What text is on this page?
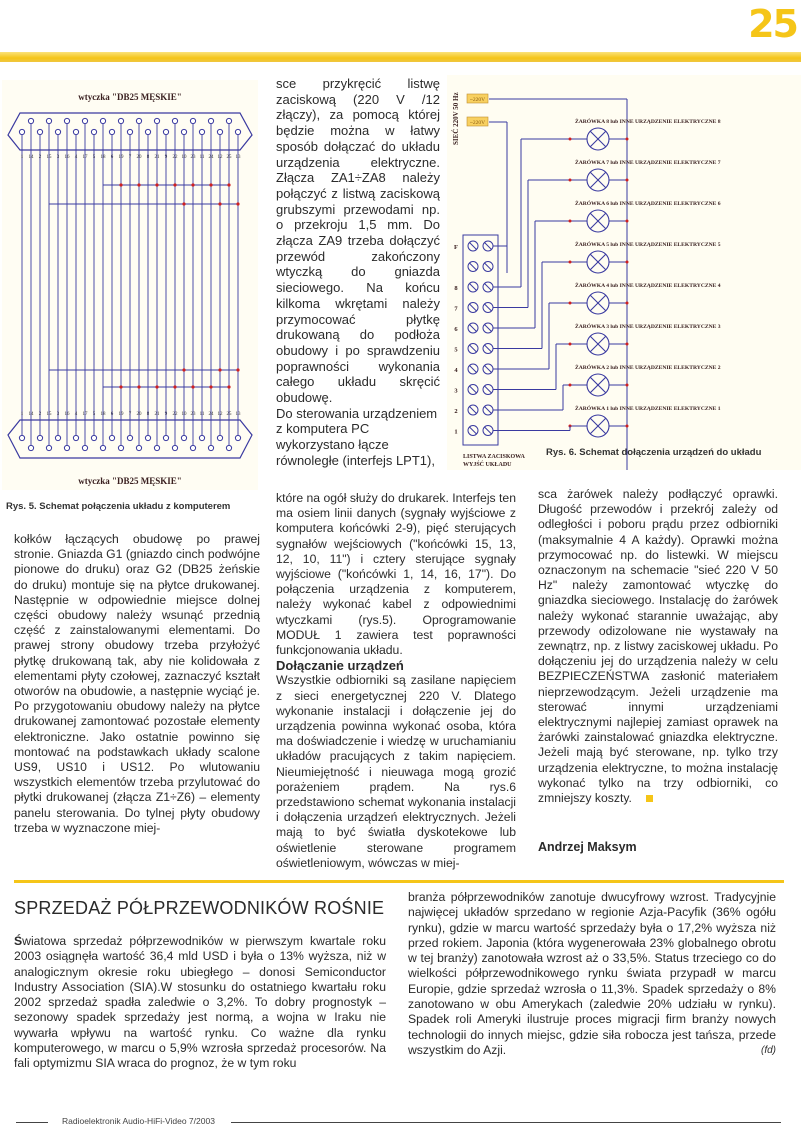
25
wtyczka "DB25 MĘSKIE"
wtyczka "DB25 MĘSKIE"
1
1
14
14
2
2
15
15
3
3
16
16
4
4
17
17
5
5
18
18
6
6
19
19
7
7
20
20
8
8
21
21
9
9
22
22
10
10
23
23
11
11
24
24
12
12
25
25
13
13
Rys. 5. Schemat połączenia układu z komputerem
SIEĆ 220V 50 Hz ~220V
~220V
F
8
7
6
5
4
3
2
1
LISTWA ZACISKOWA
WYJŚĆ UKŁADU
ŻARÓWKA 8 lub INNE URZĄDZENIE ELEKTRYCZNE 8
ŻARÓWKA 7 lub INNE URZĄDZENIE ELEKTRYCZNE 7
ŻARÓWKA 6 lub INNE URZĄDZENIE ELEKTRYCZNE 6
ŻARÓWKA 5 lub INNE URZĄDZENIE ELEKTRYCZNE 5
ŻARÓWKA 4 lub INNE URZĄDZENIE ELEKTRYCZNE 4
ŻARÓWKA 3 lub INNE URZĄDZENIE ELEKTRYCZNE 3
ŻARÓWKA 2 lub INNE URZĄDZENIE ELEKTRYCZNE 2
ŻARÓWKA 1 lub INNE URZĄDZENIE ELEKTRYCZNE 1
Rys. 6. Schemat dołączenia urządzeń do układu

sce przykręcić listwę zaciskową (220 V /12 złączy), za pomocą której będzie można w łatwy sposób dołączać do układu urządzenia elektryczne. Złącza ZA1÷ZA8 należy połączyć z listwą zaciskową grubszymi przewodami np. o przekroju 1,5 mm. Do złącza ZA9 trzeba dołączyć przewód zakończony wtyczką do gniazda sieciowego. Na końcu kilkoma wkrętami należy przymocować płytkę drukowaną do podłoża obudowy i po sprawdzeniu poprawności wykonania całego układu skręcić obudowę.

Do sterowania urządzeniem z komputera PC wykorzystano łącze równoległe (interfejs LPT1),

kołków łączących obudowę po prawej stronie. Gniazda G1 (gniazdo cinch podwójne pionowe do druku) oraz G2 (DB25 żeńskie do druku) montuje się na płytce drukowanej. Następnie w odpowiednie miejsce dolnej części obudowy należy wsunąć przednią część z zainstalowanymi elementami. Do prawej strony obudowy trzeba przyłożyć płytkę drukowaną tak, aby nie kolidowała z elementami płyty czołowej, zaznaczyć kształt otworów na obudowie, a następnie wyciąć je. Po przygotowaniu obudowy należy na płytce drukowanej zamontować pozostałe elementy elektroniczne. Jako ostatnie powinno się montować na podstawkach układy scalone US9, US10 i US12. Po wlutowaniu wszystkich elementów trzeba przylutować do płytki drukowanej (złącza Z1÷Z6) – elementy panelu sterowania. Do tylnej płyty obudowy trzeba w wyznaczone miej-

które na ogół służy do drukarek. Interfejs ten ma osiem linii danych (sygnały wyjściowe z komputera końcówki 2-9), pięć sterujących sygnałów wejściowych ("końcówki 15, 13, 12, 10, 11") i cztery sterujące sygnały wyjściowe ("końcówki 1, 14, 16, 17"). Do połączenia urządzenia z komputerem, należy wykonać kabel z odpowiednimi wtyczkami (rys.5). Oprogramowanie MODUŁ 1 zawiera test poprawności funkcjonowania układu.

Dołączanie urządzeń

Wszystkie odbiorniki są zasilane napięciem z sieci energetycznej 220 V. Dlatego wykonanie instalacji i dołączenie jej do urządzenia powinna wykonać osoba, która ma doświadczenie i wiedzę w uruchamianiu układów pracujących z takim napięciem. Nieumiejętność i nieuwaga mogą grozić porażeniem prądem. Na rys.6 przedstawiono schemat wykonania instalacji i dołączenia urządzeń elektrycznych. Jeżeli mają to być światła dyskotekowe lub oświetlenie sterowane programem oświetleniowym, wówczas w miej-

sca żarówek należy podłączyć oprawki. Długość przewodów i przekrój zależy od odległości i poboru prądu przez odbiorniki (maksymalnie 4 A każdy). Oprawki można przymocować np. do listewki. W miejscu oznaczonym na schemacie "sieć 220 V 50 Hz" należy zamontować wtyczkę do gniazdka sieciowego. Instalację do żarówek należy wykonać starannie uważając, aby przewody odizolowane nie wystawały na zewnątrz, np. z listwy zaciskowej układu. Po dołączeniu jej do urządzenia należy w celu BEZPIECZEŃSTWA zasłonić materiałem nieprzewodzącym. Jeżeli urządzenie ma sterować innymi urządzeniami elektrycznymi najlepiej zamiast oprawek na żarówki zainstalować gniazdka elektryczne. Jeżeli mają być sterowane, np. tylko trzy urządzenia elektryczne, to można instalację wykonać tylko na trzy odbiorniki, co zmniejszy koszty.

Andrzej Maksym
SPRZEDAŻ PÓŁPRZEWODNIKÓW ROŚNIE
Światowa sprzedaż półprzewodników w pierwszym kwartale roku 2003 osiągnęła wartość 36,4 mld USD i była o 13% wyższa, niż w analogicznym okresie roku ubiegłego – donosi Semiconductor Industry Association (SIA).W stosunku do ostatniego kwartału roku 2002 sprzedaż spadła zaledwie o 3,2%. To dobry prognostyk – sezonowy spadek sprzedaży jest normą, a wojna w Iraku nie wywarła wpływu na wartość rynku. Co ważne dla rynku komputerowego, w marcu o 5,9% wzrosła sprzedaż procesorów. Na fali optymizmu SIA wraca do prognoz, że w tym roku
branża półprzewodników zanotuje dwucyfrowy wzrost. Tradycyjnie najwięcej układów sprzedano w regionie Azja-Pacyfik (36% ogółu rynku), gdzie w marcu wartość sprzedaży była o 17,2% wyższa niż przed rokiem. Japonia (która wygenerowała 23% globalnego obrotu w tej branży) zanotowała wzrost aż o 33,5%. Status trzeciego co do wielkości półprzewodnikowego rynku świata przypadł w marcu Europie, gdzie sprzedaż wzrosła o 11,3%. Spadek sprzedaży o 8% zanotowano w obu Amerykach (zaledwie 20% udziału w rynku). Spadek roli Ameryki ilustruje proces migracji firm branży nowych technologii do innych miejsc, gdzie siła robocza jest tańsza, przede wszystkim do Azji.	(fd)
Radioelektronik Audio-HiFi-Video 7/2003
